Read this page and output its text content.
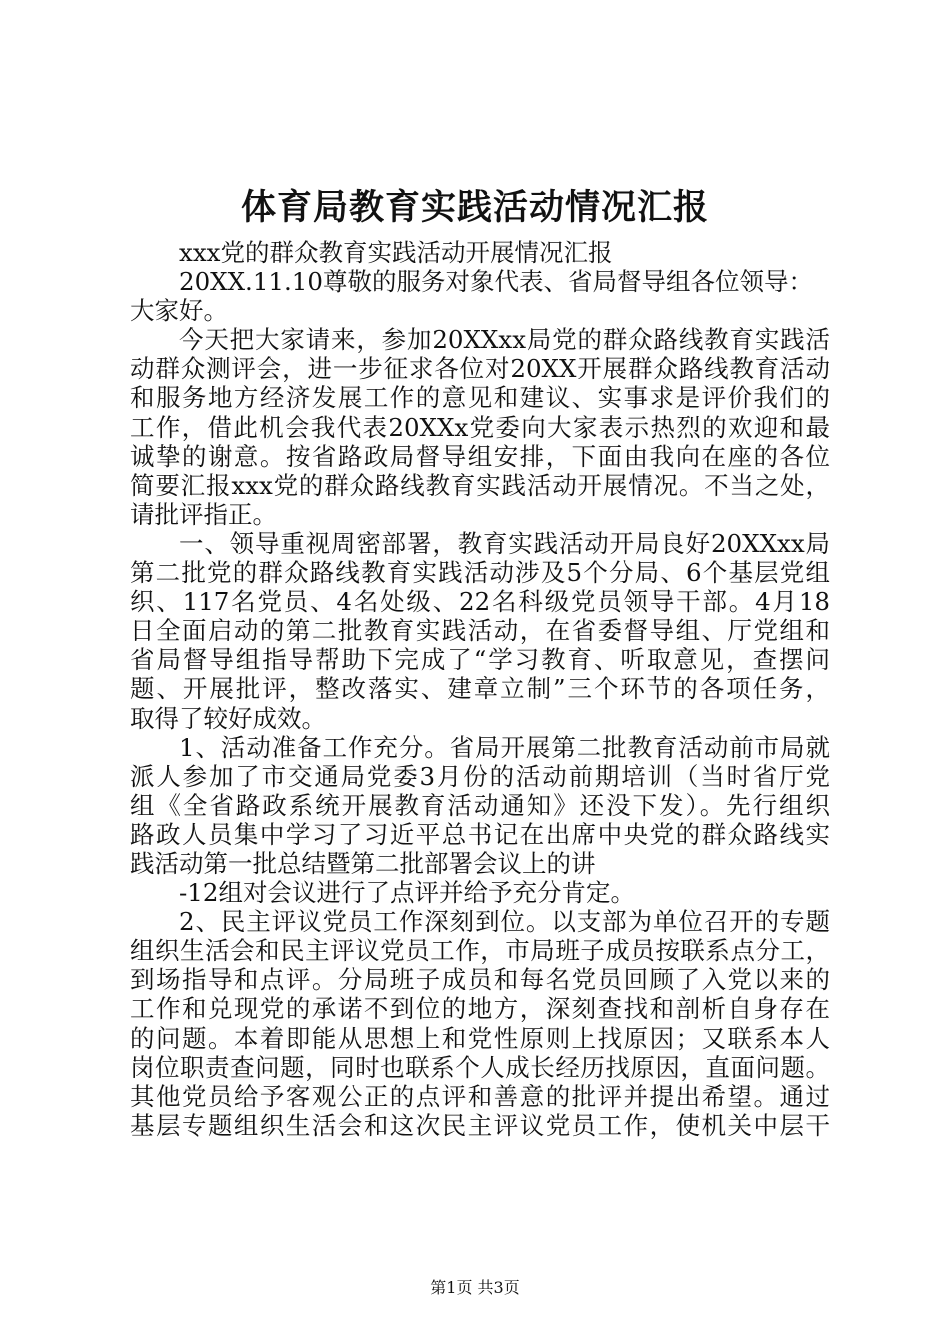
体育局教育实践活动情况汇报
xxx党的群众教育实践活动开展情况汇报
20XX.11.10尊敬的服务对象代表、省局督导组各位领导：
大家好。
今天把大家请来，参加20XXxx局党的群众路线教育实践活
动群众测评会，进一步征求各位对20XX开展群众路线教育活动
和服务地方经济发展工作的意见和建议、实事求是评价我们的
工作，借此机会我代表20XXx党委向大家表示热烈的欢迎和最
诚挚的谢意。按省路政局督导组安排，下面由我向在座的各位
简要汇报xxx党的群众路线教育实践活动开展情况。不当之处，
请批评指正。
一、领导重视周密部署，教育实践活动开局良好20XXxx局
第二批党的群众路线教育实践活动涉及5个分局、6个基层党组
织、117名党员、4名处级、22名科级党员领导干部。4月18
日全面启动的第二批教育实践活动，在省委督导组、厅党组和
省局督导组指导帮助下完成了“学习教育、听取意见，查摆问
题、开展批评，整改落实、建章立制”三个环节的各项任务，
取得了较好成效。
1、活动准备工作充分。省局开展第二批教育活动前市局就
派人参加了市交通局党委3月份的活动前期培训（当时省厅党
组《全省路政系统开展教育活动通知》还没下发）。先行组织
路政人员集中学习了习近平总书记在出席中央党的群众路线实
践活动第一批总结暨第二批部署会议上的讲
-12组对会议进行了点评并给予充分肯定。
2、民主评议党员工作深刻到位。以支部为单位召开的专题
组织生活会和民主评议党员工作，市局班子成员按联系点分工，
到场指导和点评。分局班子成员和每名党员回顾了入党以来的
工作和兑现党的承诺不到位的地方，深刻查找和剖析自身存在
的问题。本着即能从思想上和党性原则上找原因；又联系本人
岗位职责查问题，同时也联系个人成长经历找原因，直面问题。
其他党员给予客观公正的点评和善意的批评并提出希望。通过
基层专题组织生活会和这次民主评议党员工作，使机关中层干
第1页 共3页
